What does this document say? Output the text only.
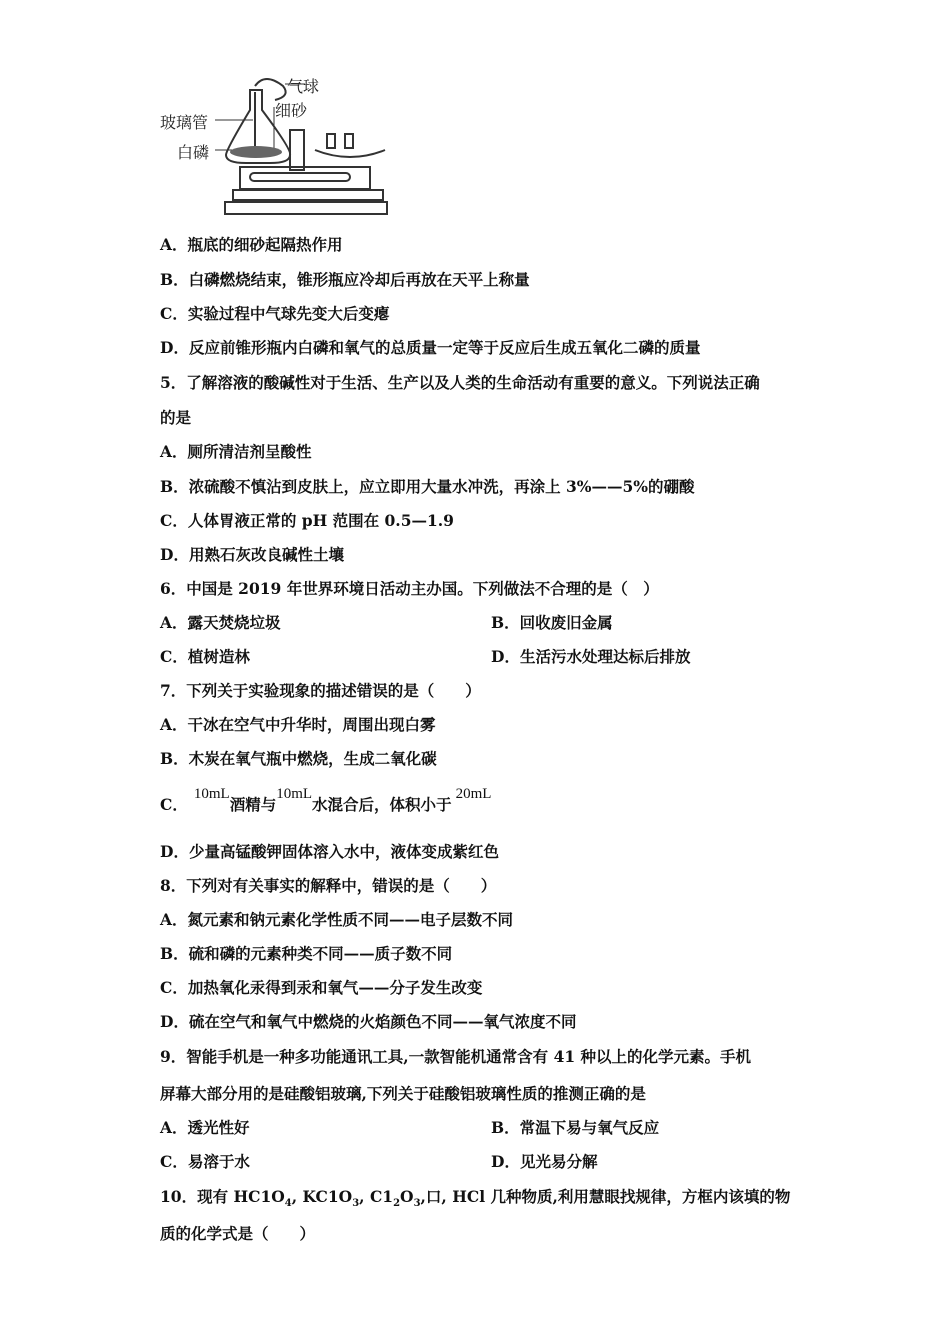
气球
细砂
玻璃管
白磷
A．瓶底的细砂起隔热作用
B．白磷燃烧结束，锥形瓶应冷却后再放在天平上称量
C．实验过程中气球先变大后变瘪
D．反应前锥形瓶内白磷和氧气的总质量一定等于反应后生成五氧化二磷的质量
5．了解溶液的酸碱性对于生活、生产以及人类的生命活动有重要的意义。下列说法正确
的是
A．厕所清洁剂呈酸性
B．浓硫酸不慎沾到皮肤上，应立即用大量水冲洗，再涂上 3%——5%的硼酸
C．人体胃液正常的 pH 范围在 0.5—1.9
D．用熟石灰改良碱性土壤
6．中国是 2019 年世界环境日活动主办国。下列做法不合理的是（　）
A．露天焚烧垃圾	B．回收废旧金属
C．植树造林	D．生活污水处理达标后排放
7．下列关于实验现象的描述错误的是（　　）
A．干冰在空气中升华时，周围出现白雾
B．木炭在氧气瓶中燃烧，生成二氧化碳
C．10mL酒精与10mL水混合后，体积小于20mL
D．少量高锰酸钾固体溶入水中，液体变成紫红色
8．下列对有关事实的解释中，错误的是（　　）
A．氮元素和钠元素化学性质不同——电子层数不同
B．硫和磷的元素种类不同——质子数不同
C．加热氧化汞得到汞和氧气——分子发生改变
D．硫在空气和氧气中燃烧的火焰颜色不同——氧气浓度不同
9．智能手机是一种多功能通讯工具,一款智能机通常含有 41 种以上的化学元素。手机
屏幕大部分用的是硅酸铝玻璃,下列关于硅酸铝玻璃性质的推测正确的是
A．透光性好	B．常温下易与氧气反应
C．易溶于水	D．见光易分解
10．现有 $HC1O_4$, $KC1O_3$, $C1_2O_3$,口, HCl 几种物质,利用慧眼找规律，方框内该填的物
质的化学式是（　　）
